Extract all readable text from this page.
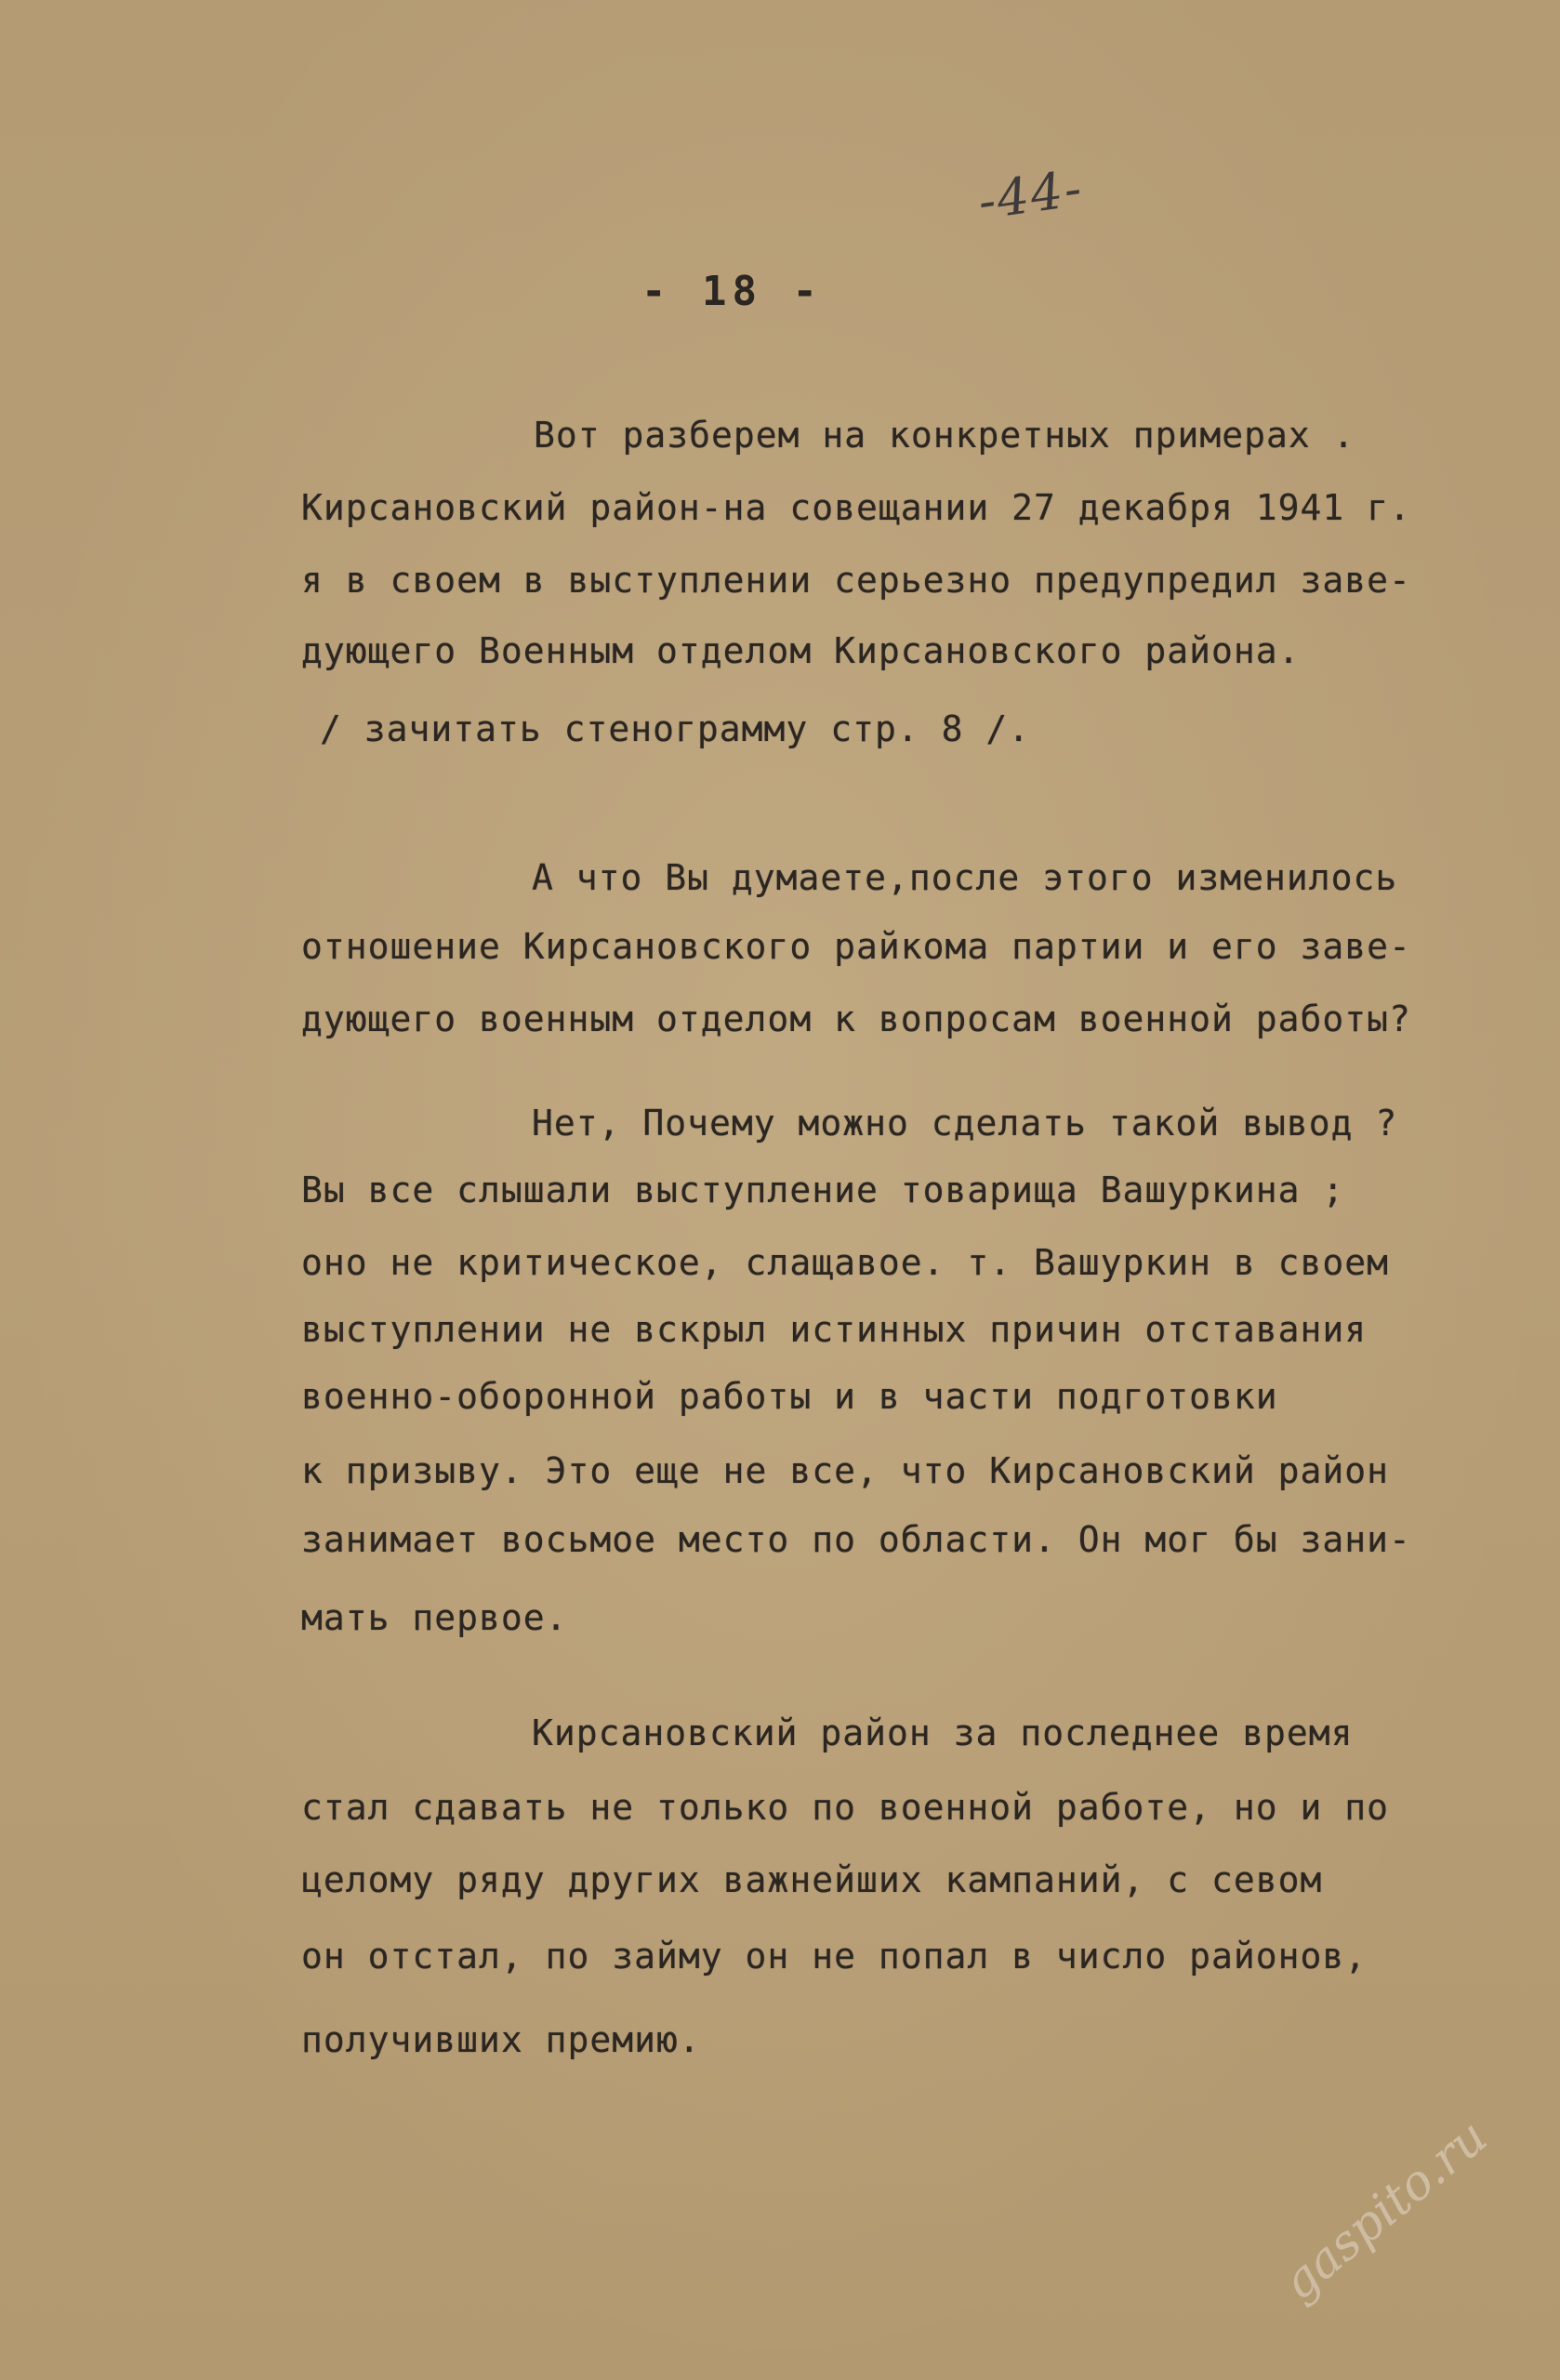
-44-
- 18 -
Вот разберем на конкретных примерах .
Кирсановский район-на совещании 27 декабря 1941 г.
я в своем в выступлении серьезно предупредил заве-
дующего Военным отделом Кирсановского района.
/ зачитать стенограмму стр. 8 /.
А что Вы думаете,после этого изменилось
отношение Кирсановского райкома партии и его заве-
дующего военным отделом к вопросам военной работы?
Нет, Почему можно сделать такой вывод ?
Вы все слышали выступление товарища Вашуркина ;
оно не критическое, слащавое. т. Вашуркин в своем
выступлении не вскрыл истинных причин отставания
военно-оборонной работы и в части подготовки
к призыву. Это еще не все, что Кирсановский район
занимает восьмое место по области. Он мог бы зани-
мать первое.
Кирсановский район за последнее время
стал сдавать не только по военной работе, но и по
целому ряду других важнейших кампаний, с севом
он отстал, по займу он не попал в число районов,
получивших премию.
gaspito.ru
